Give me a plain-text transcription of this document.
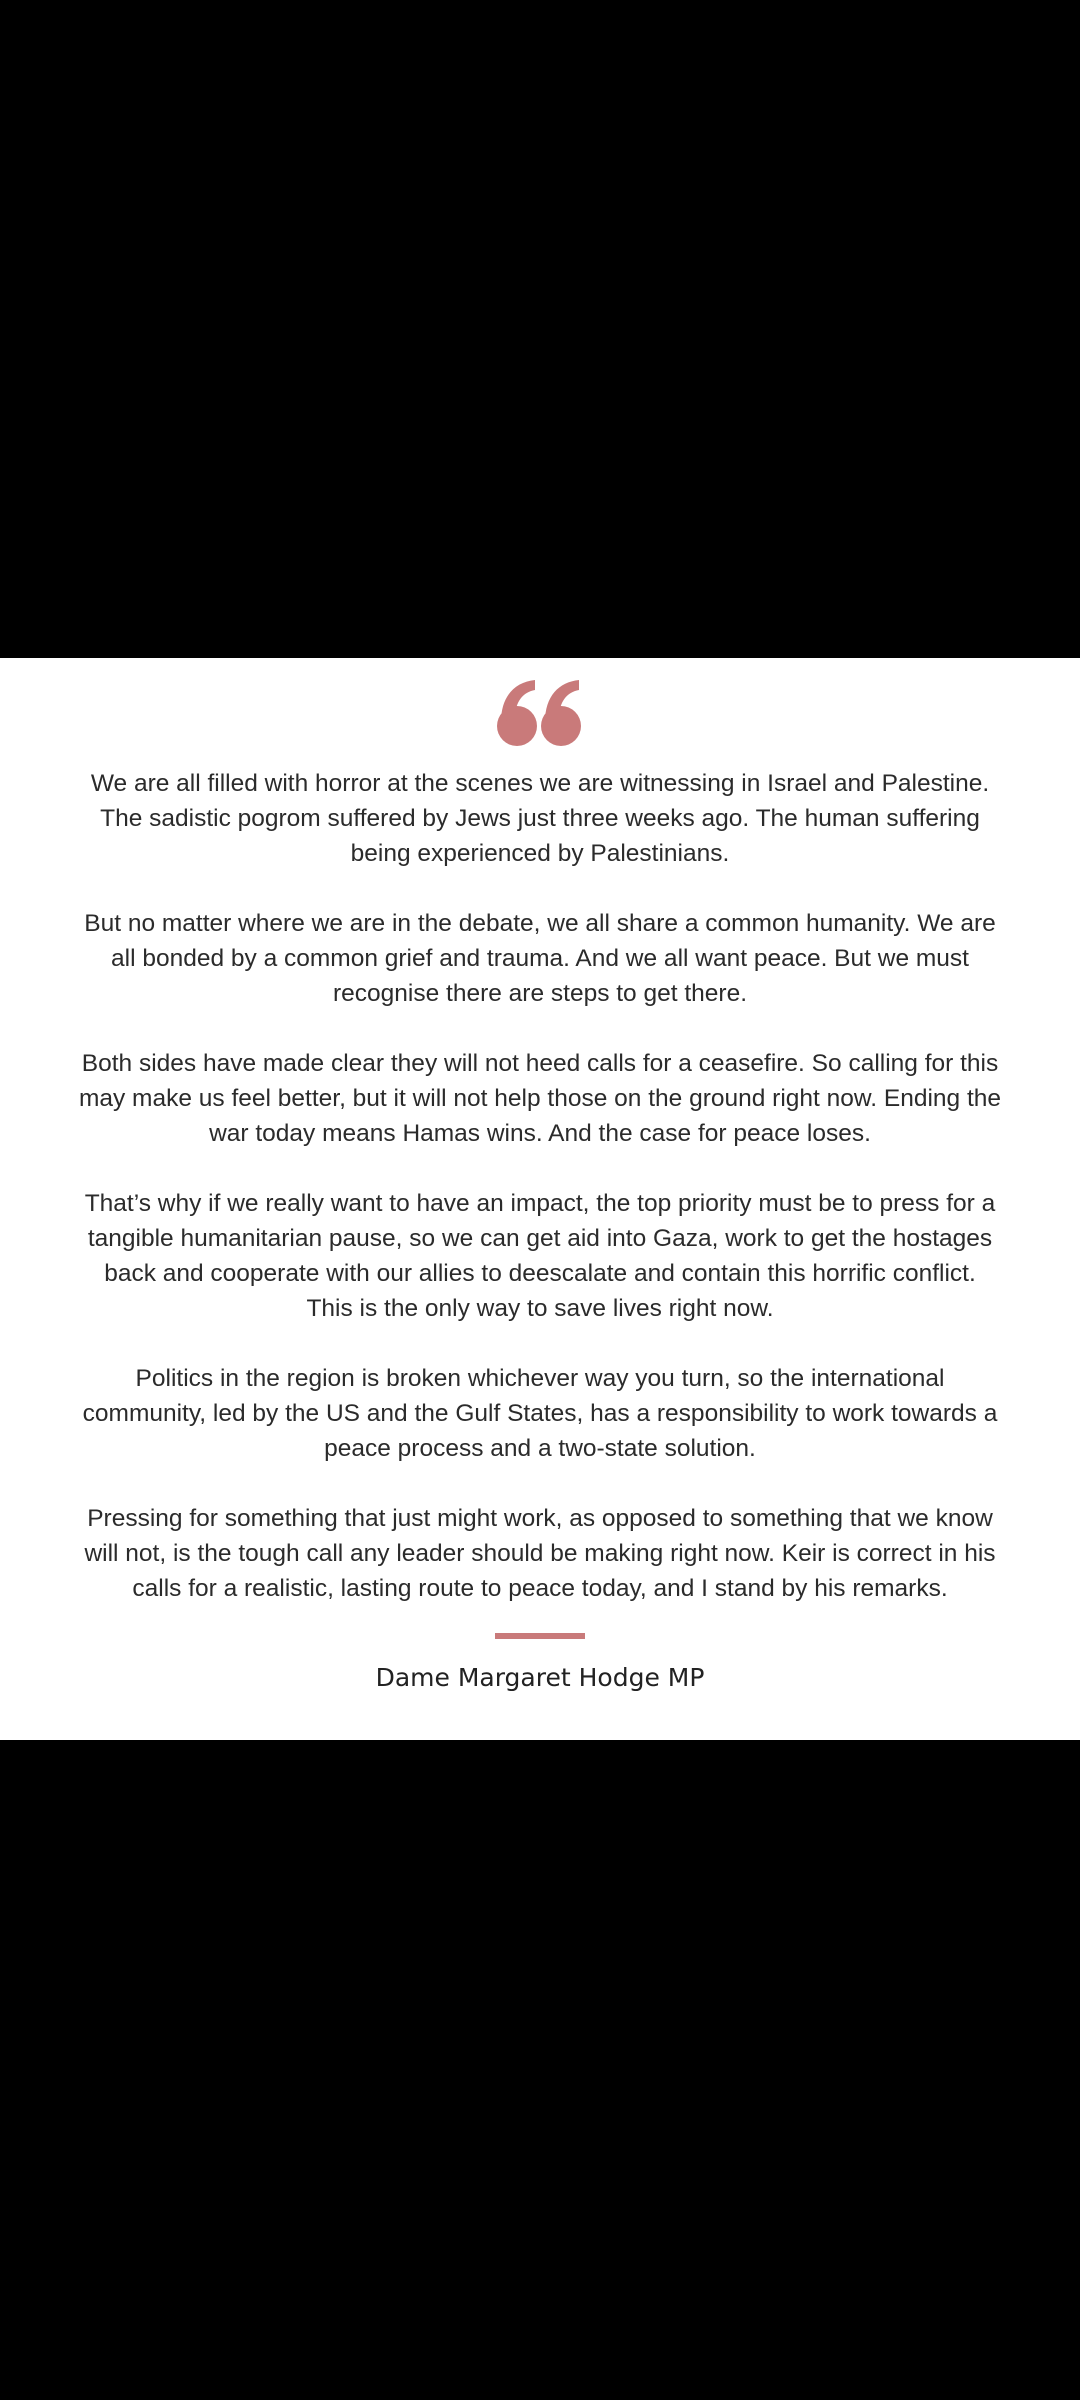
We are all filled with horror at the scenes we are witnessing in Israel and Palestine. The sadistic pogrom suffered by Jews just three weeks ago. The human suffering being experienced by Palestinians.

But no matter where we are in the debate, we all share a common humanity. We are all bonded by a common grief and trauma. And we all want peace. But we must recognise there are steps to get there.

Both sides have made clear they will not heed calls for a ceasefire. So calling for this may make us feel better, but it will not help those on the ground right now. Ending the war today means Hamas wins. And the case for peace loses.

That’s why if we really want to have an impact, the top priority must be to press for a tangible humanitarian pause, so we can get aid into Gaza, work to get the hostages back and cooperate with our allies to deescalate and contain this horrific conflict. This is the only way to save lives right now.

Politics in the region is broken whichever way you turn, so the international community, led by the US and the Gulf States, has a responsibility to work towards a peace process and a two-state solution.

Pressing for something that just might work, as opposed to something that we know will not, is the tough call any leader should be making right now. Keir is correct in his calls for a realistic, lasting route to peace today, and I stand by his remarks.

Dame Margaret Hodge MP
